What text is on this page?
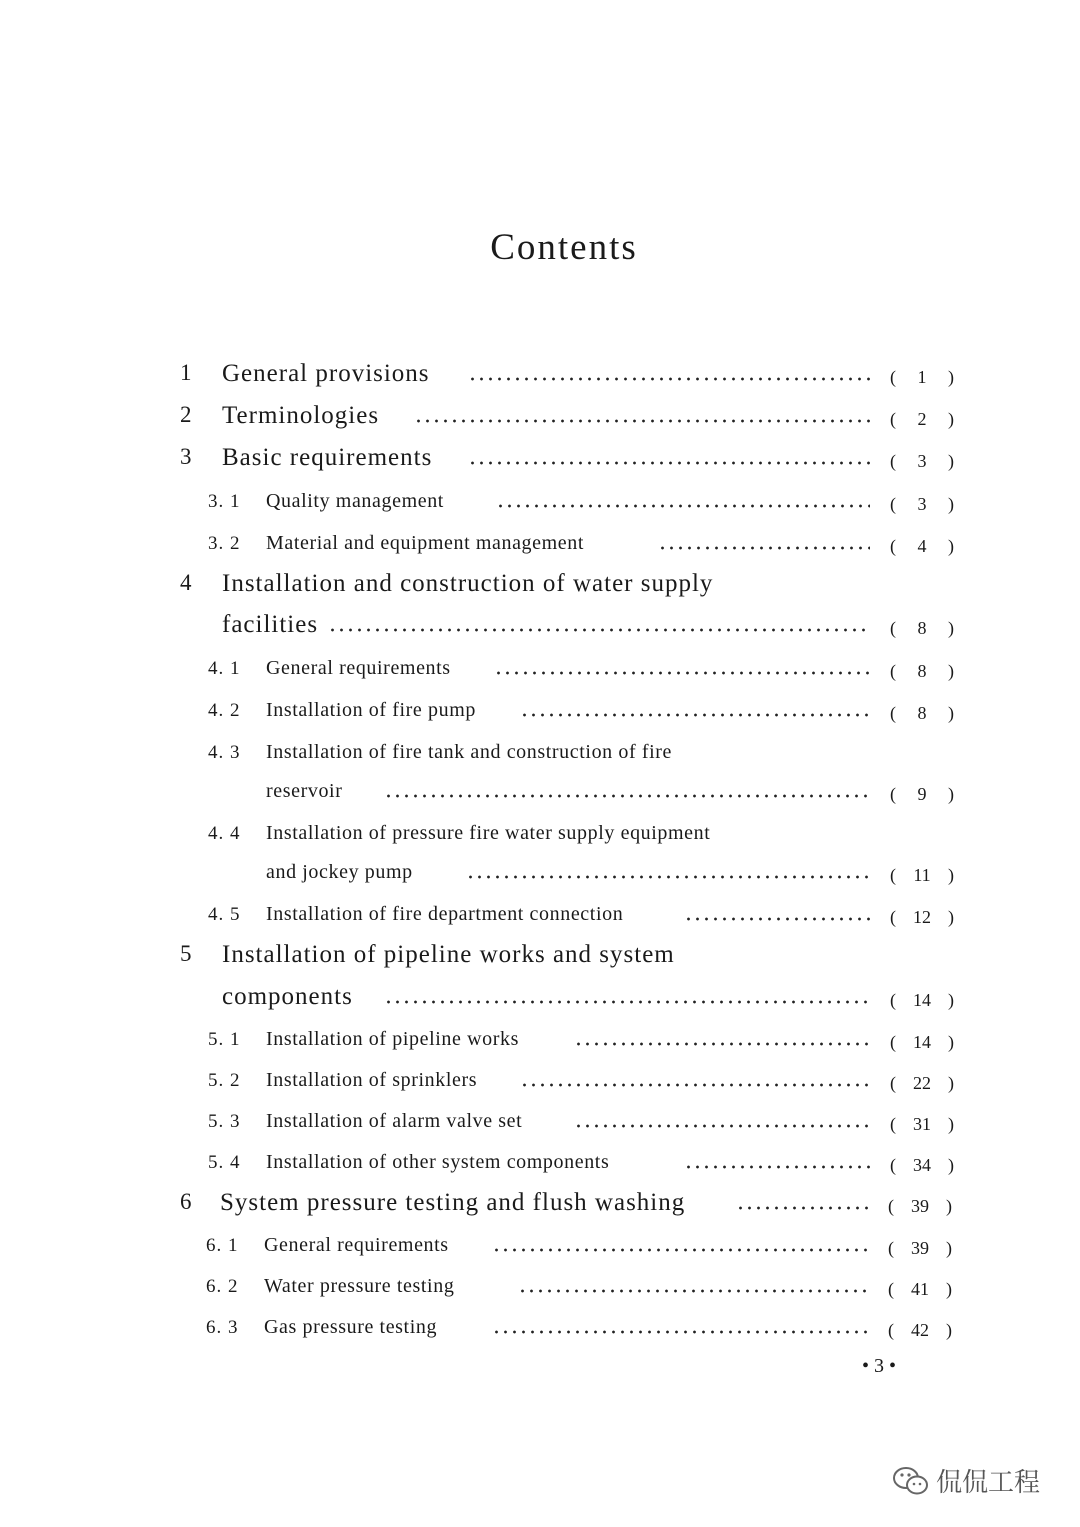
Contents
1 General provisions	( 1 )
2 Terminologies	( 2 )
3 Basic requirements	( 3 )
3. 1 Quality management	( 3 )
3. 2 Material and equipment management	( 4 )
4 Installation and construction of water supply
facilities	( 8 )
4. 1 General requirements	( 8 )
4. 2 Installation of fire pump	( 8 )
4. 3 Installation of fire tank and construction of fire
reservoir	( 9 )
4. 4 Installation of pressure fire water supply equipment
and jockey pump	( 11 )
4. 5 Installation of fire department connection	( 12 )
5 Installation of pipeline works and system
components	( 14 )
5. 1 Installation of pipeline works	( 14 )
5. 2 Installation of sprinklers	( 22 )
5. 3 Installation of alarm valve set	( 31 )
5. 4 Installation of other system components	( 34 )
6 System pressure testing and flush washing	( 39 )
6. 1 General requirements	( 39 )
6. 2 Water pressure testing	( 41 )
6. 3 Gas pressure testing	( 42 )
• 3 •
侃侃工程
